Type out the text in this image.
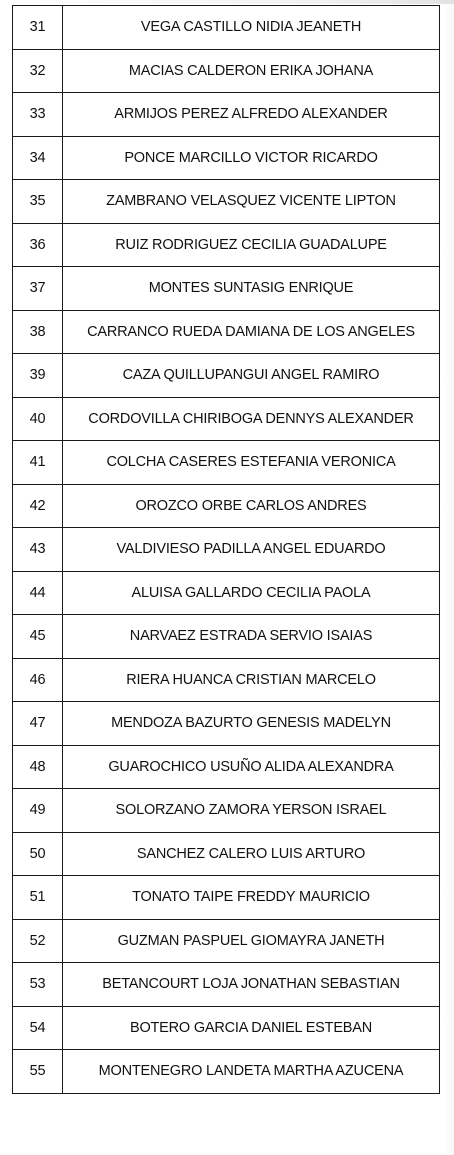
31	VEGA CASTILLO NIDIA JEANETH
32	MACIAS CALDERON ERIKA JOHANA
33	ARMIJOS PEREZ ALFREDO ALEXANDER
34	PONCE MARCILLO VICTOR RICARDO
35	ZAMBRANO VELASQUEZ VICENTE LIPTON
36	RUIZ RODRIGUEZ CECILIA GUADALUPE
37	MONTES SUNTASIG ENRIQUE
38	CARRANCO RUEDA DAMIANA DE LOS ANGELES
39	CAZA QUILLUPANGUI ANGEL RAMIRO
40	CORDOVILLA CHIRIBOGA DENNYS ALEXANDER
41	COLCHA CASERES ESTEFANIA VERONICA
42	OROZCO ORBE CARLOS ANDRES
43	VALDIVIESO PADILLA ANGEL EDUARDO
44	ALUISA GALLARDO CECILIA PAOLA
45	NARVAEZ ESTRADA SERVIO ISAIAS
46	RIERA HUANCA CRISTIAN MARCELO
47	MENDOZA BAZURTO GENESIS MADELYN
48	GUAROCHICO USUÑO ALIDA ALEXANDRA
49	SOLORZANO ZAMORA YERSON ISRAEL
50	SANCHEZ CALERO LUIS ARTURO
51	TONATO TAIPE FREDDY MAURICIO
52	GUZMAN PASPUEL GIOMAYRA JANETH
53	BETANCOURT LOJA JONATHAN SEBASTIAN
54	BOTERO GARCIA DANIEL ESTEBAN
55	MONTENEGRO LANDETA MARTHA AZUCENA
